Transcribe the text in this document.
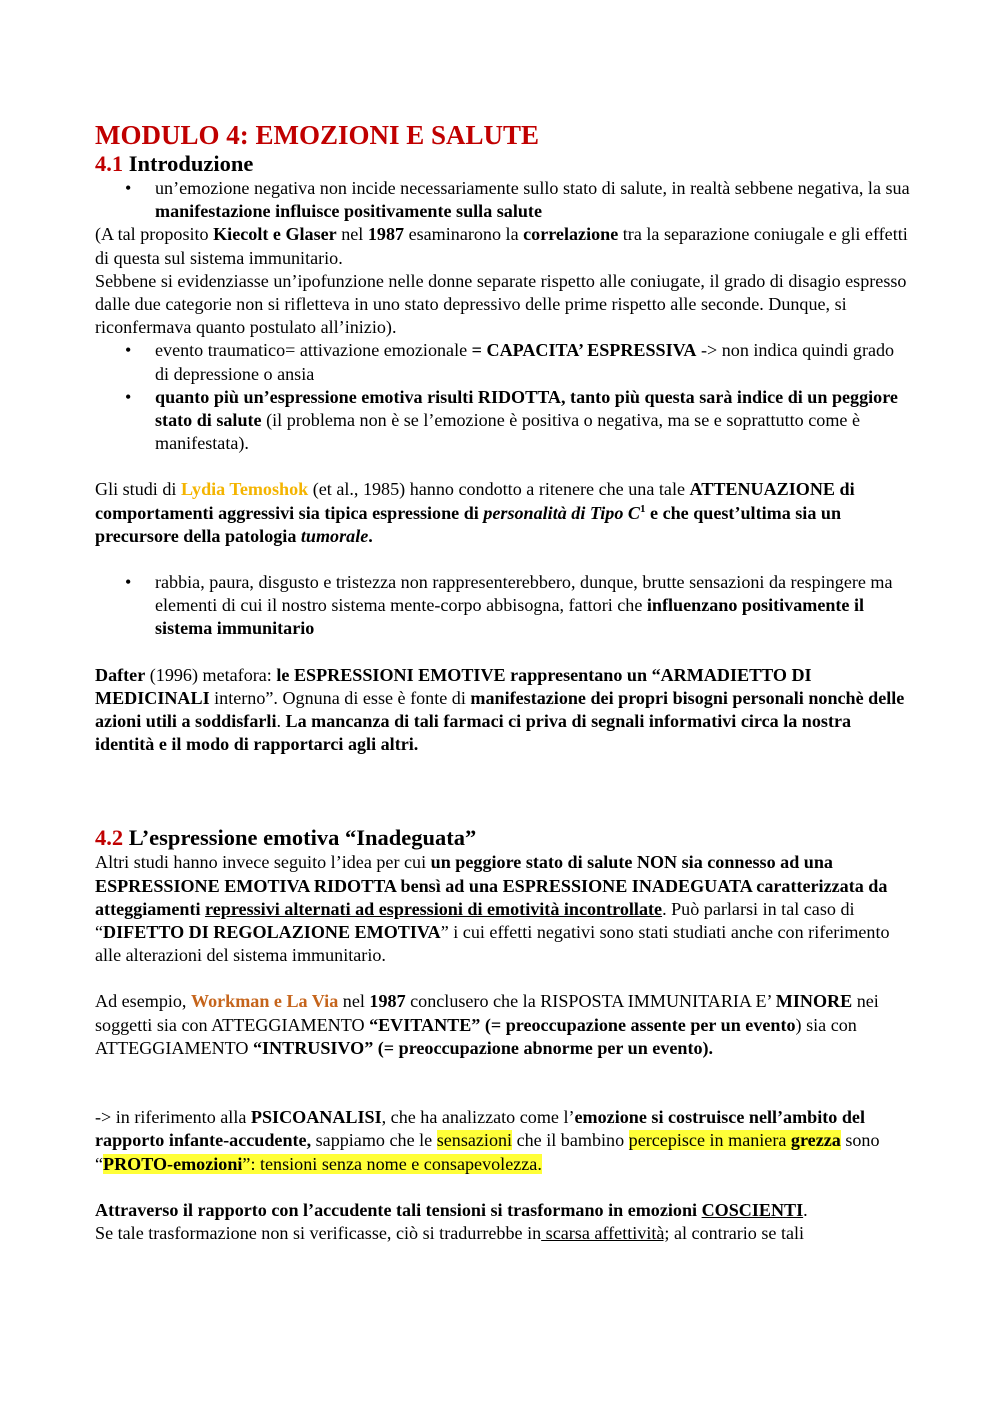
MODULO 4: EMOZIONI E SALUTE
4.1 Introduzione
• un’emozione negativa non incide necessariamente sullo stato di salute, in realtà sebbene negativa, la sua manifestazione influisce positivamente sulla salute

(A tal proposito Kiecolt e Glaser nel 1987 esaminarono la correlazione tra la separazione coniugale e gli effetti di questa sul sistema immunitario.

Sebbene si evidenziasse un’ipofunzione nelle donne separate rispetto alle coniugate, il grado di disagio espresso dalle due categorie non si rifletteva in uno stato depressivo delle prime rispetto alle seconde. Dunque, si riconfermava quanto postulato all’inizio).

• evento traumatico= attivazione emozionale = CAPACITA’ ESPRESSIVA -> non indica quindi grado di depressione o ansia
• quanto più un’espressione emotiva risulti RIDOTTA, tanto più questa sarà indice di un peggiore stato di salute (il problema non è se l’emozione è positiva o negativa, ma se e soprattutto come è manifestata).

Gli studi di Lydia Temoshok (et al., 1985) hanno condotto a ritenere che una tale ATTENUAZIONE di comportamenti aggressivi sia tipica espressione di personalità di Tipo $C^1$ e che quest’ultima sia un precursore della patologia tumorale.

• rabbia, paura, disgusto e tristezza non rappresenterebbero, dunque, brutte sensazioni da respingere ma elementi di cui il nostro sistema mente-corpo abbisogna, fattori che influenzano positivamente il sistema immunitario

Dafter (1996) metafora: le ESPRESSIONI EMOTIVE rappresentano un “ARMADIETTO DI MEDICINALI interno”. Ognuna di esse è fonte di manifestazione dei propri bisogni personali nonchè delle azioni utili a soddisfarli. La mancanza di tali farmaci ci priva di segnali informativi circa la nostra identità e il modo di rapportarci agli altri.

4.2 L’espressione emotiva “Inadeguata”

Altri studi hanno invece seguito l’idea per cui un peggiore stato di salute NON sia connesso ad una ESPRESSIONE EMOTIVA RIDOTTA bensì ad una ESPRESSIONE INADEGUATA caratterizzata da atteggiamenti repressivi alternati ad espressioni di emotività incontrollate. Può parlarsi in tal caso di “DIFETTO DI REGOLAZIONE EMOTIVA” i cui effetti negativi sono stati studiati anche con riferimento alle alterazioni del sistema immunitario.

Ad esempio, Workman e La Via nel 1987 conclusero che la RISPOSTA IMMUNITARIA E’ MINORE nei soggetti sia con ATTEGGIAMENTO “EVITANTE” (= preoccupazione assente per un evento) sia con ATTEGGIAMENTO “INTRUSIVO” (= preoccupazione abnorme per un evento).

-> in riferimento alla PSICOANALISI, che ha analizzato come l’emozione si costruisce nell’ambito del rapporto infante-accudente, sappiamo che le sensazioni che il bambino percepisce in maniera grezza sono “PROTO-emozioni”: tensioni senza nome e consapevolezza.

Attraverso il rapporto con l’accudente tali tensioni si trasformano in emozioni COSCIENTI.
Se tale trasformazione non si verificasse, ciò si tradurrebbe in scarsa affettività; al contrario se tali
